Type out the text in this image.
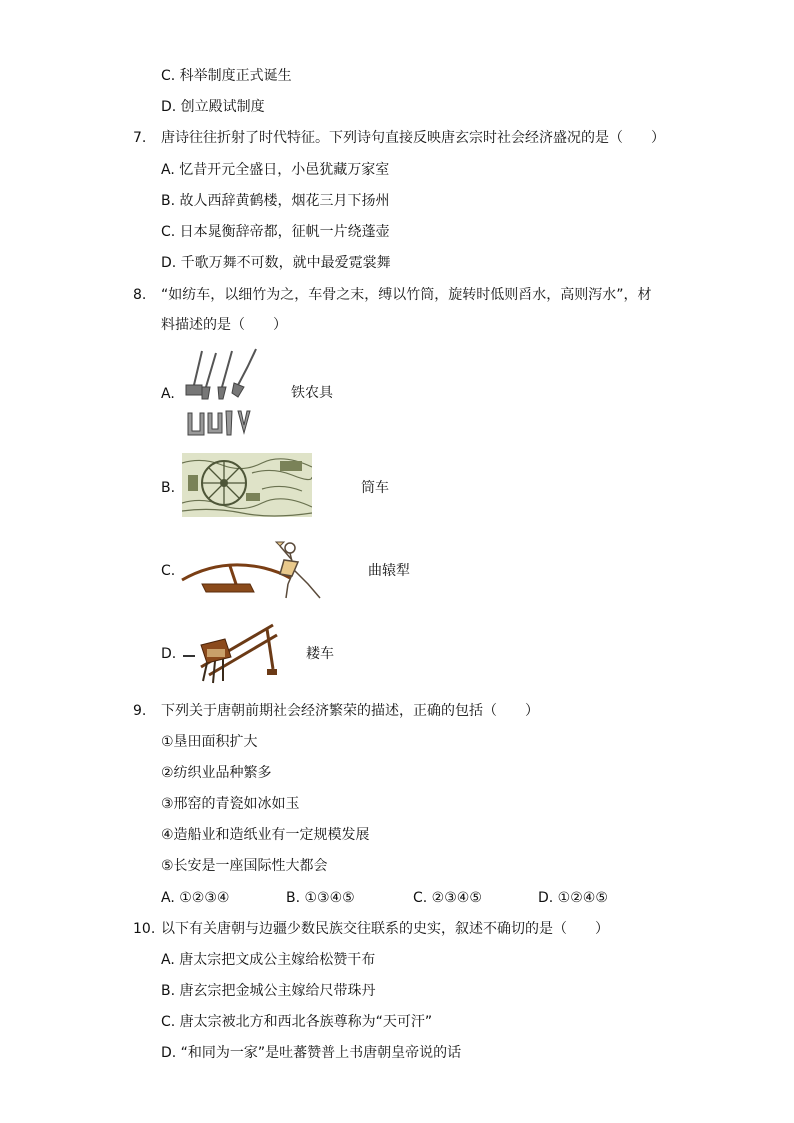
C. 科举制度正式诞生
D. 创立殿试制度
7. 唐诗往往折射了时代特征。下列诗句直接反映唐玄宗时社会经济盛况的是（　　）
A. 忆昔开元全盛日，小邑犹藏万家室
B. 故人西辞黄鹤楼，烟花三月下扬州
C. 日本晁衡辞帝都，征帆一片绕蓬壶
D. 千歌万舞不可数，就中最爱霓裳舞
8. “如纺车，以细竹为之，车骨之末，缚以竹筒，旋转时低则舀水，高则泻水”，材
料描述的是（　　）
A.	铁农具
B.	筒车
C.	曲辕犁
D.	耧车
9. 下列关于唐朝前期社会经济繁荣的描述，正确的包括（　　）
①垦田面积扩大
②纺织业品种繁多
③邢窑的青瓷如冰如玉
④造船业和造纸业有一定规模发展
⑤长安是一座国际性大都会
A. ①②③④	B. ①③④⑤	C. ②③④⑤	D. ①②④⑤
10. 以下有关唐朝与边疆少数民族交往联系的史实，叙述不确切的是（　　）
A. 唐太宗把文成公主嫁给松赞干布
B. 唐玄宗把金城公主嫁给尺带珠丹
C. 唐太宗被北方和西北各族尊称为“天可汗”
D. “和同为一家”是吐蕃赞普上书唐朝皇帝说的话
